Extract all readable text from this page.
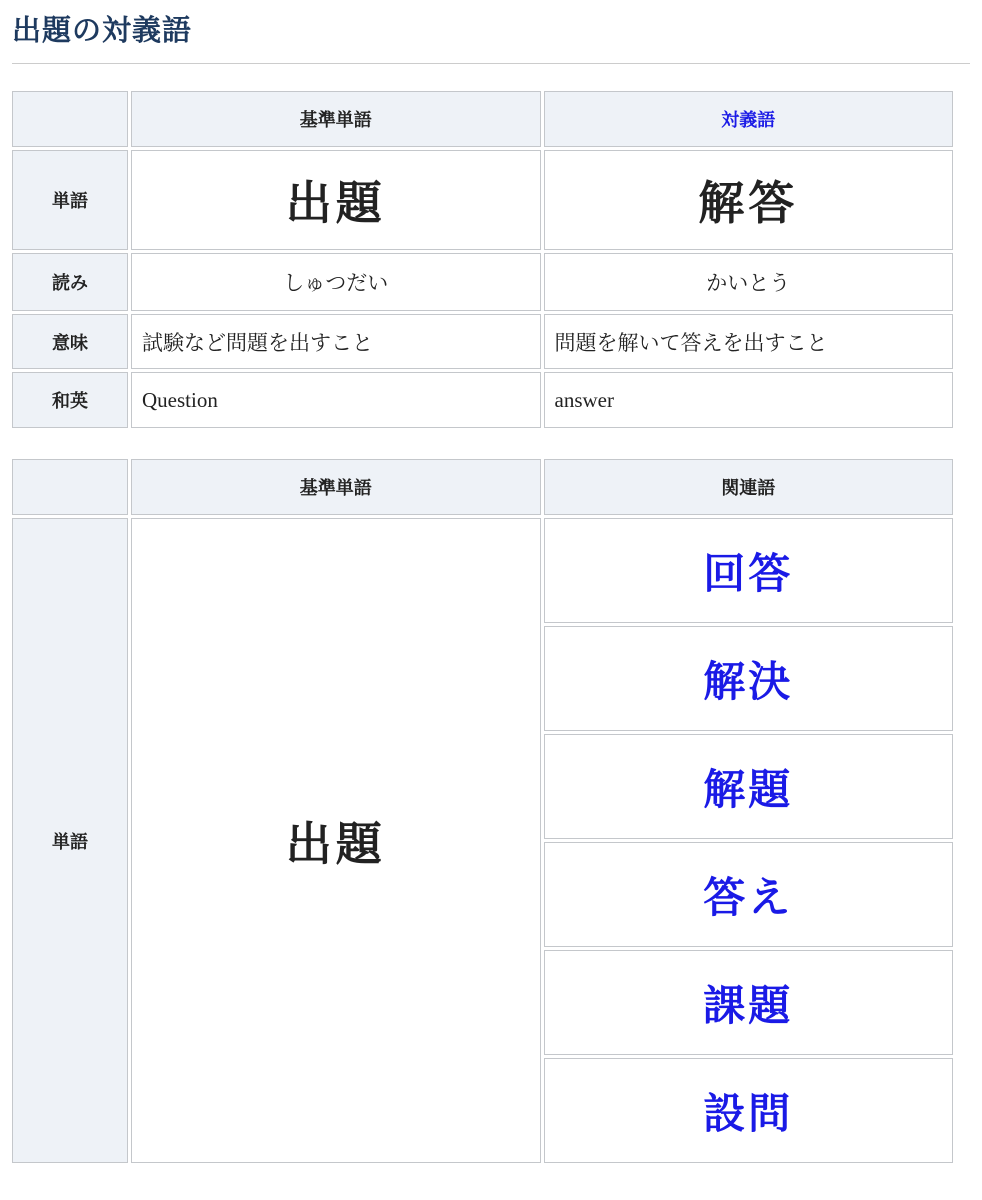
出題の対義語
	基準単語	対義語
単語	出題	解答
読み	しゅつだい	かいとう
意味	試験など問題を出すこと	問題を解いて答えを出すこと
和英	Question	answer
	基準単語	関連語
単語	出題	回答
		解決
		解題
		答え
		課題
		設問
